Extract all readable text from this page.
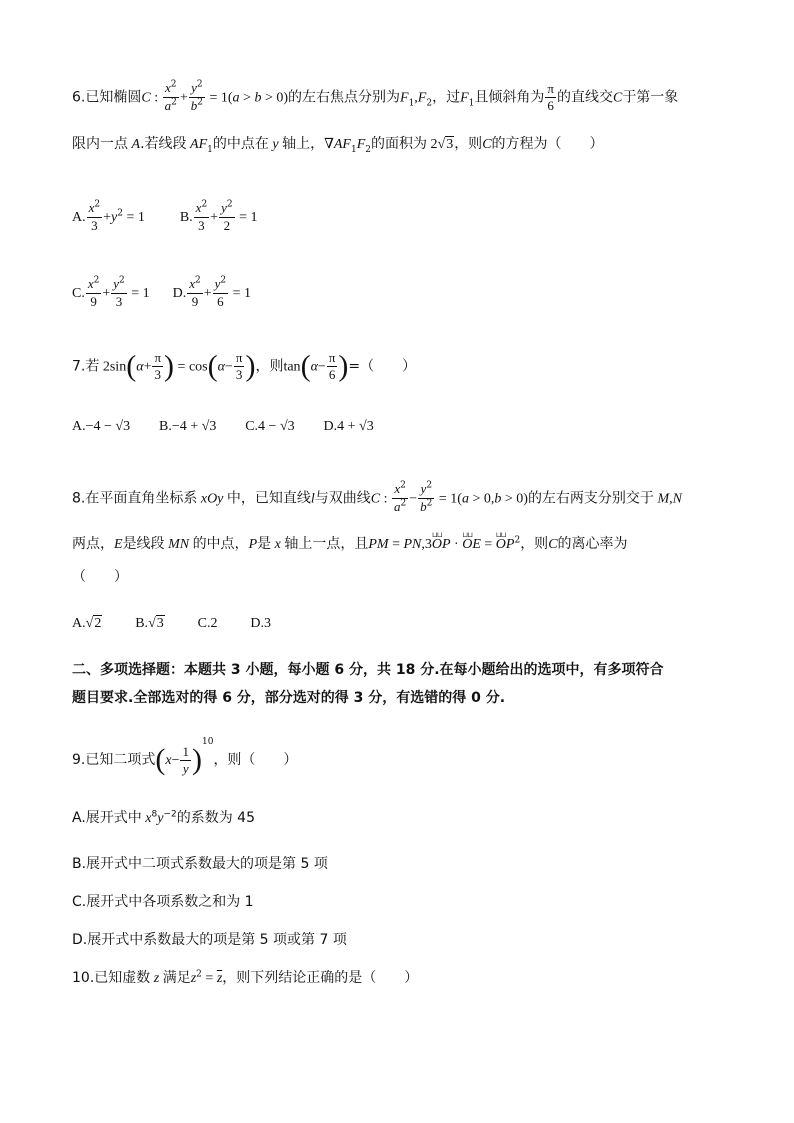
6.已知椭圆C : $\frac{x^2}{a^2} + \frac{y^2}{b^2} = 1(a > b > 0)$的左右焦点分别为$F_1,F_2$，过$F_1$且倾斜角为 $\frac{\pi}{6}$ 的直线交C于第一象
限内一点 A.若线段 $AF_1$的中点在 y 轴上，$\nabla AF_1F_2$的面积为 2√3，则C的方程为（　　）
A. $\frac{x^2}{3} +y^2 = 1$ B. $\frac{x^2}{3} + \frac{y^2}{2} = 1$
C. $\frac{x^2}{9} + \frac{y^2}{3} = 1$ D. $\frac{x^2}{9} + \frac{y^2}{6} = 1$
7.若 $2\sin(\alpha+ \frac{\pi}{3}$ ) = $\cos(\alpha- \frac{\pi}{3}$ )，则$\tan(\alpha- \frac{\pi}{6}$ )=（　　）
A.−4 − √3 B.−4 + √3 C.4 − √3 D.4 + √3
8.在平面直角坐标系 xOy 中，已知直线l与双曲线C : $\frac{x^2}{a^2} - \frac{y^2}{b^2} = 1(a > 0,b > 0)$的左右两支分别交于 M,N
两点，E是线段 MN 的中点，P是 x 轴上一点，且PM = PN,3⊔⊔ OP · ⊔⊔ OE = ⊔⊔ $OP^2$，则C的离心率为
（　　）
A.√2 B.√3 C.2 D.3
二、多项选择题：本题共 3 小题，每小题 6 分，共 18 分.在每小题给出的选项中，有多项符合
题目要求.全部选对的得 6 分，部分选对的得 3 分，有选错的得 0 分.
9.已知二项式$(x- \frac{1}{y} )^{10}$，则（　　）
A.展开式中 $x^8y^{-2}$的系数为 45
B.展开式中二项式系数最大的项是第 5 项
C.展开式中各项系数之和为 1
D.展开式中系数最大的项是第 5 项或第 7 项
10.已知虚数 z 满足$z^2 = \overline{z}$，则下列结论正确的是（　　）
